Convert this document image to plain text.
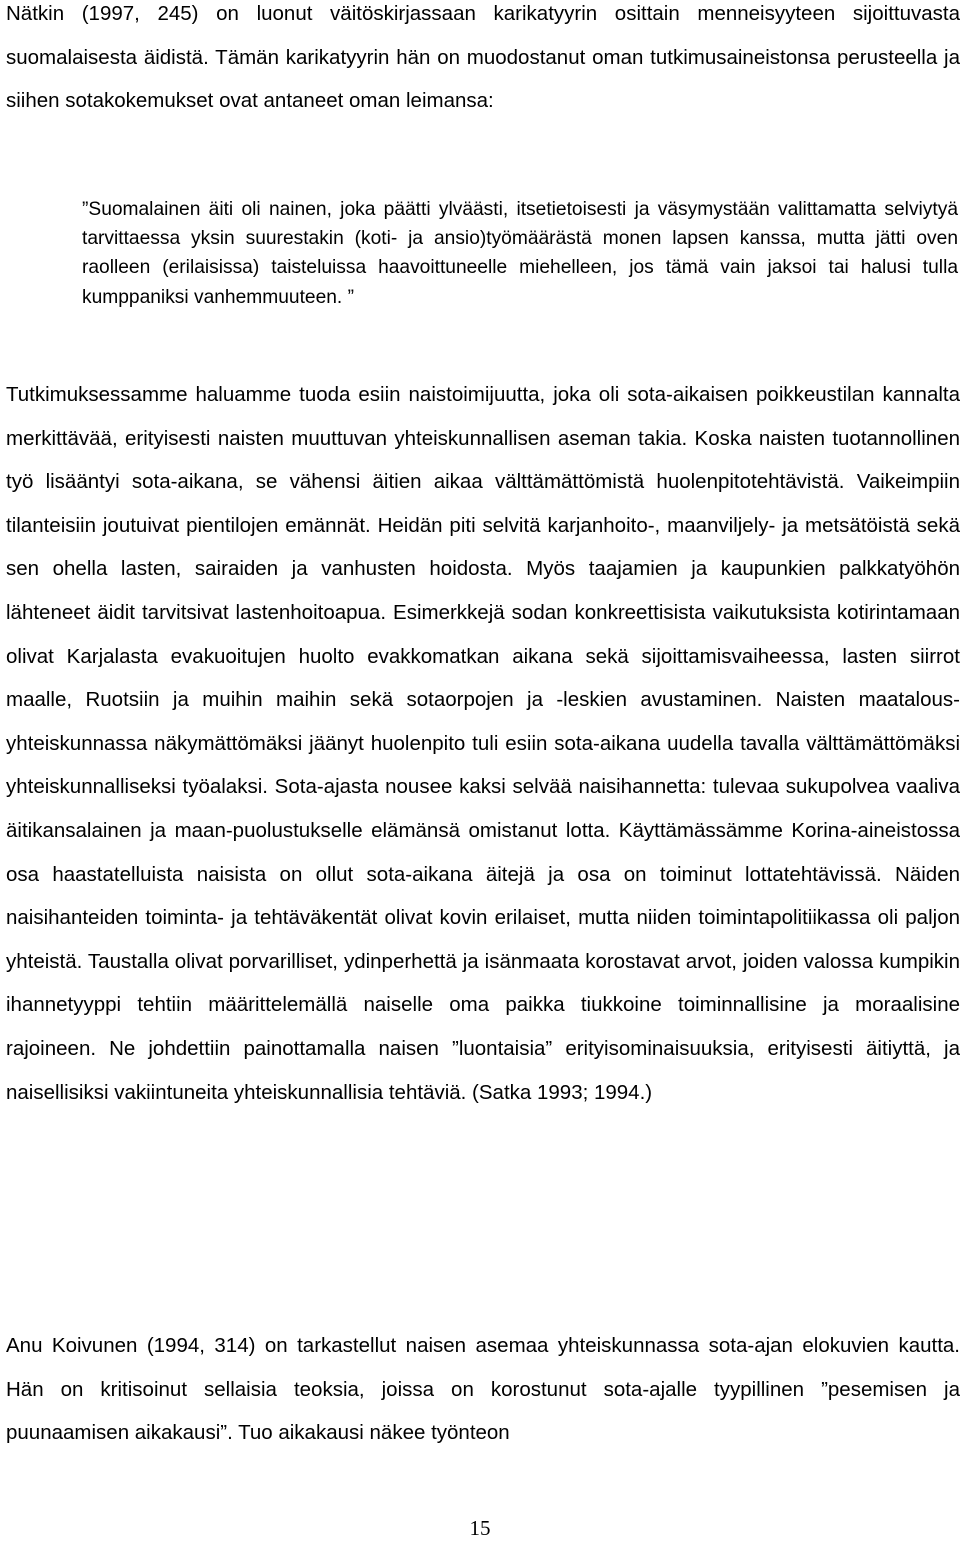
Nätkin (1997, 245) on luonut väitöskirjassaan karikatyyrin osittain menneisyyteen sijoittuvasta suomalaisesta äidistä. Tämän karikatyyrin hän on muodostanut oman tutkimusaineistonsa perusteella ja siihen sotakokemukset ovat antaneet oman leimansa:

”Suomalainen äiti oli nainen, joka päätti ylväästi, itsetietoisesti ja väsymystään valittamatta selviytyä tarvittaessa yksin suurestakin (koti- ja ansio)työmäärästä monen lapsen kanssa, mutta jätti oven raolleen (erilaisissa) taisteluissa haavoittuneelle miehelleen, jos tämä vain jaksoi tai halusi tulla kumppaniksi vanhemmuuteen. ”

Tutkimuksessamme haluamme tuoda esiin naistoimijuutta, joka oli sota-aikaisen poikkeustilan kannalta merkittävää, erityisesti naisten muuttuvan yhteiskunnallisen aseman takia. Koska naisten tuotannollinen työ lisääntyi sota-aikana, se vähensi äitien aikaa välttämättömistä huolenpitotehtävistä. Vaikeimpiin tilanteisiin joutuivat pientilojen emännät. Heidän piti selvitä karjanhoito-, maanviljely- ja metsätöistä sekä sen ohella lasten, sairaiden ja vanhusten hoidosta. Myös taajamien ja kaupunkien palkkatyöhön lähteneet äidit tarvitsivat lastenhoitoapua. Esimerkkejä sodan konkreettisista vaikutuksista kotirintamaan olivat Karjalasta evakuoitujen huolto evakkomatkan aikana sekä sijoittamisvaiheessa, lasten siirrot maalle, Ruotsiin ja muihin maihin sekä sotaorpojen ja -leskien avustaminen. Naisten maatalous-yhteiskunnassa näkymättömäksi jäänyt huolenpito tuli esiin sota-aikana uudella tavalla välttämättömäksi yhteiskunnalliseksi työalaksi. Sota-ajasta nousee kaksi selvää naisihannetta: tulevaa sukupolvea vaaliva äitikansalainen ja maan-puolustukselle elämänsä omistanut lotta. Käyttämässämme Korina-aineistossa osa haastatelluista naisista on ollut sota-aikana äitejä ja osa on toiminut lottatehtävissä. Näiden naisihanteiden toiminta- ja tehtäväkentät olivat kovin erilaiset, mutta niiden toimintapolitiikassa oli paljon yhteistä. Taustalla olivat porvarilliset, ydinperhettä ja isänmaata korostavat arvot, joiden valossa kumpikin ihannetyyppi tehtiin määrittelemällä naiselle oma paikka tiukkoine toiminnallisine ja moraalisine rajoineen. Ne johdettiin painottamalla naisen ”luontaisia” erityisominaisuuksia, erityisesti äitiyttä, ja naisellisiksi vakiintuneita yhteiskunnallisia tehtäviä. (Satka 1993; 1994.)

Anu Koivunen (1994, 314) on tarkastellut naisen asemaa yhteiskunnassa sota-ajan elokuvien kautta. Hän on kritisoinut sellaisia teoksia, joissa on korostunut sota-ajalle tyypillinen ”pesemisen ja puunaamisen aikakausi”. Tuo aikakausi näkee työnteon

15
